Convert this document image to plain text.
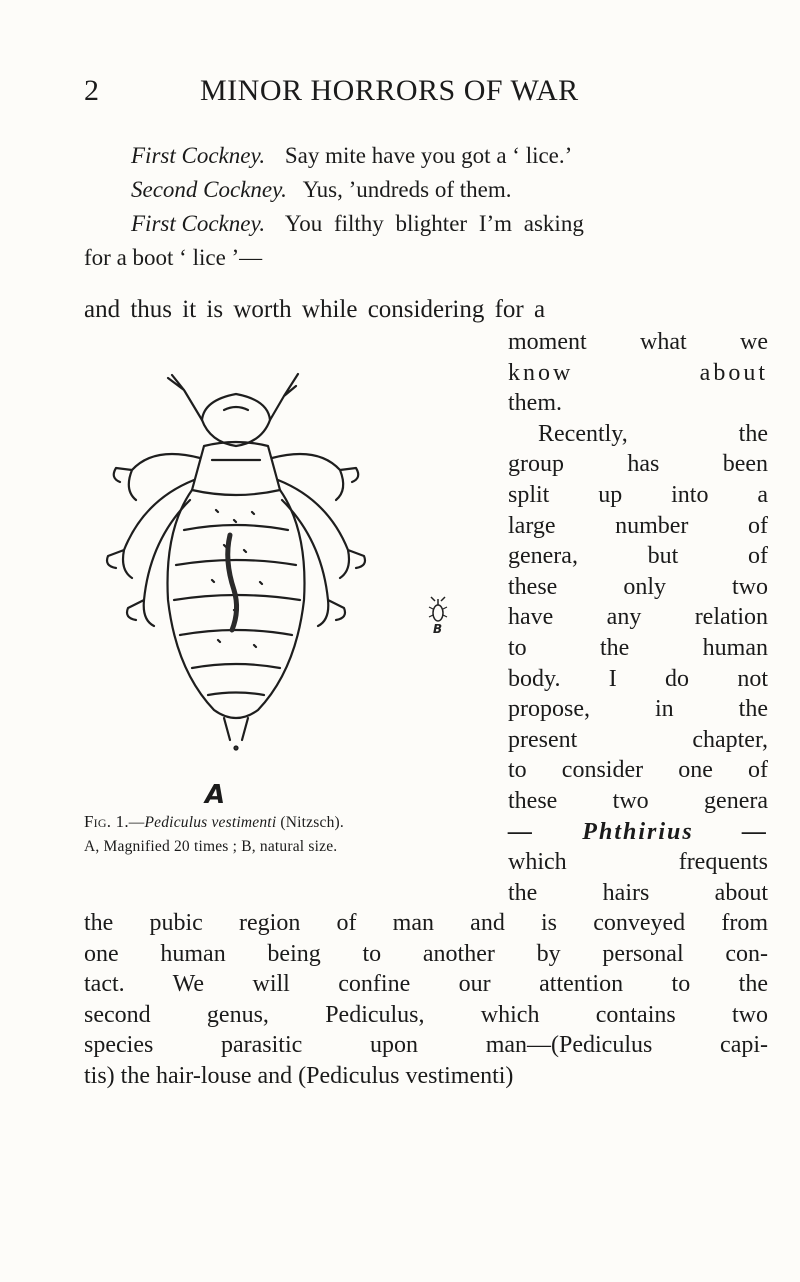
2	MINOR HORRORS OF WAR
First Cockney. Say mite have you got a ‘ lice.’
Second Cockney. Yus, ’undreds of them.
First Cockney. You filthy blighter I’m asking
for a boot ‘ lice ’—
and thus it is worth while considering for a
moment what we
know about
them.
Recently, the
group has been
split up into a
large number of
genera, but of
these only two
have any relation
to the human
body. I do not
propose, in the
present chapter,
to consider one of
these two genera
— Phthirius —
which frequents
the hairs about
B
A
Fig. 1.—Pediculus vestimenti (Nitzsch).
A, Magnified 20 times ; B, natural size.
the pubic region of man and is conveyed from
one human being to another by personal con-
tact. We will confine our attention to the
second genus, Pediculus, which contains two
species parasitic upon man—(Pediculus capi-
tis) the hair-louse and (Pediculus vestimenti)
